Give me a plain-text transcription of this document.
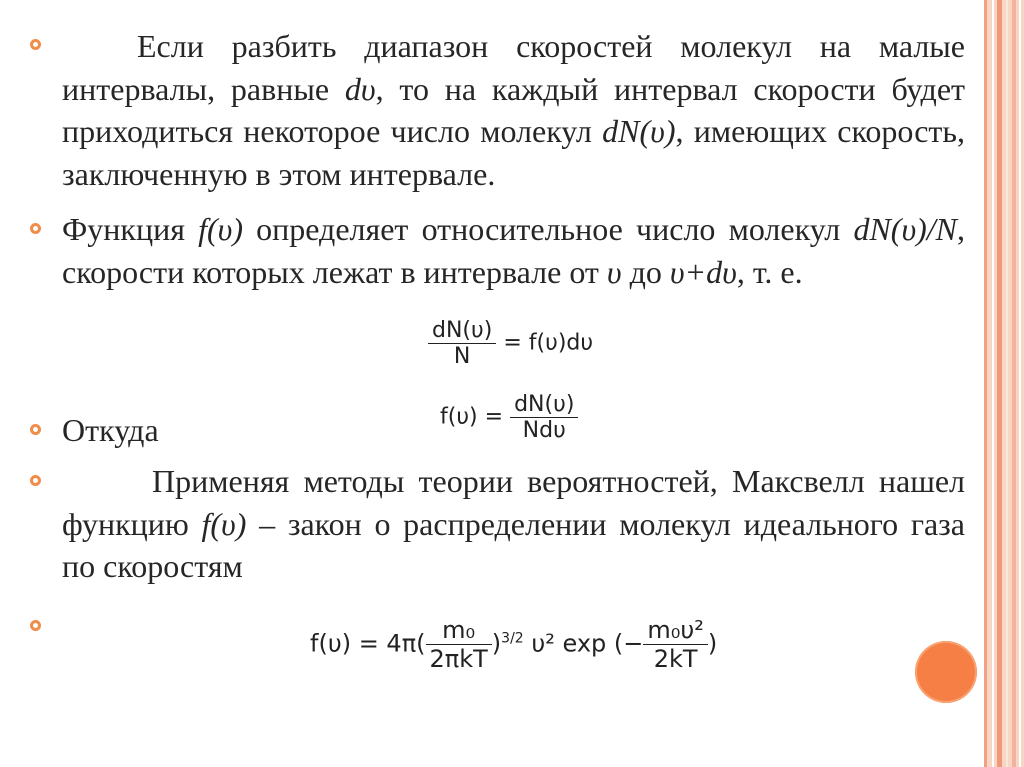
Если разбить диапазон скоростей молекул на малые интервалы, равные dυ, то на каждый интервал скорости будет приходиться некоторое число молекул dN(υ), имеющих скорость, заключенную в этом интервале.
Функция f(υ) определяет относительное число молекул dN(υ)/N, скорости которых лежат в интервале от υ до υ+dυ, т. е.
$\frac{dN(\upsilon)}{N} = f(\upsilon)d\upsilon$
Откуда	$f(\upsilon) = \frac{dN(\upsilon)}{\text{Ndυ}}$
Применяя методы теории вероятностей, Максвелл нашел функцию f(υ) – закон о распределении молекул идеального газа по скоростям
$f(\upsilon) = 4\pi( \frac{\text{m₀}}{\text{2πkT}} )^{3/2}$ υ² exp (− $\frac{\text{m₀υ²}}{2kT}$ )
